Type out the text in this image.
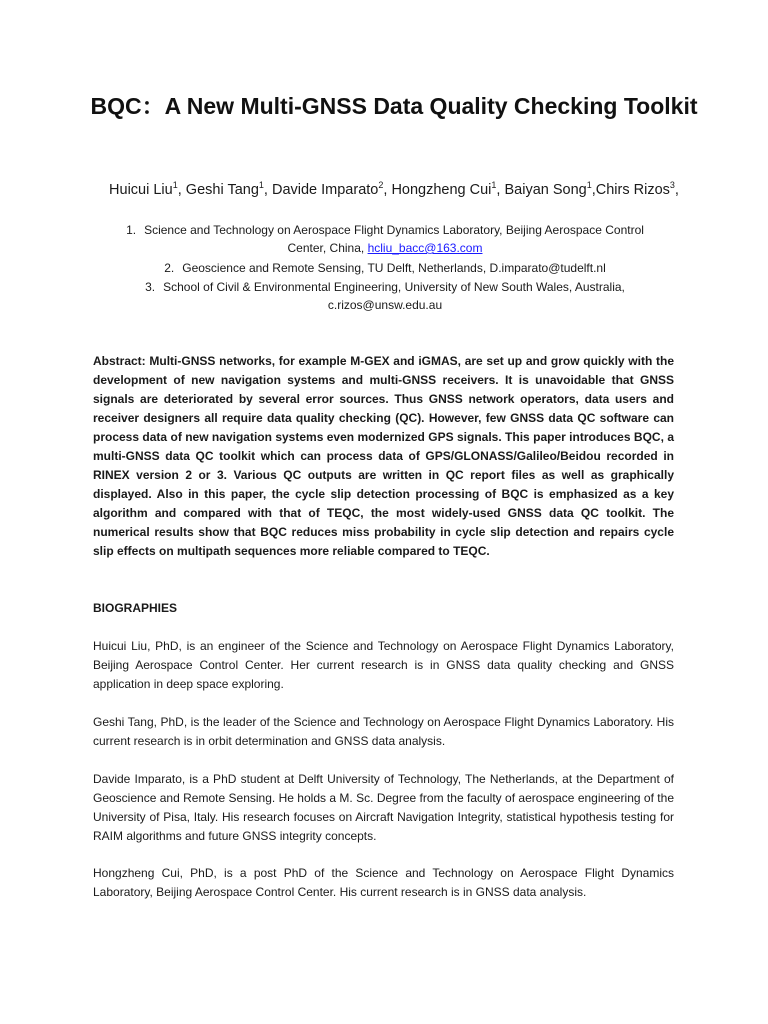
BQC：A New Multi-GNSS Data Quality Checking Toolkit
Huicui Liu$^1$, Geshi Tang$^1$, Davide Imparato$^2$, Hongzheng Cui$^1$, Baiyan Song$^1$,Chirs Rizos$^3$,
1. Science and Technology on Aerospace Flight Dynamics Laboratory, Beijing Aerospace Control
Center, China, hcliu_bacc@163.com
2. Geoscience and Remote Sensing, TU Delft, Netherlands, D.imparato@tudelft.nl
3. School of Civil & Environmental Engineering, University of New South Wales, Australia,
c.rizos@unsw.edu.au
Abstract: Multi-GNSS networks, for example M-GEX and iGMAS, are set up and grow quickly with the development of new navigation systems and multi-GNSS receivers. It is unavoidable that GNSS signals are deteriorated by several error sources. Thus GNSS network operators, data users and receiver designers all require data quality checking (QC). However, few GNSS data QC software can process data of new navigation systems even modernized GPS signals. This paper introduces BQC, a multi-GNSS data QC toolkit which can process data of GPS/GLONASS/Galileo/Beidou recorded in RINEX version 2 or 3. Various QC outputs are written in QC report files as well as graphically displayed. Also in this paper, the cycle slip detection processing of BQC is emphasized as a key algorithm and compared with that of TEQC, the most widely-used GNSS data QC toolkit. The numerical results show that BQC reduces miss probability in cycle slip detection and repairs cycle slip effects on multipath sequences more reliable compared to TEQC.
BIOGRAPHIES
Huicui Liu, PhD, is an engineer of the Science and Technology on Aerospace Flight Dynamics Laboratory, Beijing Aerospace Control Center. Her current research is in GNSS data quality checking and GNSS application in deep space exploring.
Geshi Tang, PhD, is the leader of the Science and Technology on Aerospace Flight Dynamics Laboratory. His current research is in orbit determination and GNSS data analysis.
Davide Imparato, is a PhD student at Delft University of Technology, The Netherlands, at the Department of Geoscience and Remote Sensing. He holds a M. Sc. Degree from the faculty of aerospace engineering of the University of Pisa, Italy. His research focuses on Aircraft Navigation Integrity, statistical hypothesis testing for RAIM algorithms and future GNSS integrity concepts.
Hongzheng Cui, PhD, is a post PhD of the Science and Technology on Aerospace Flight Dynamics Laboratory, Beijing Aerospace Control Center. His current research is in GNSS data analysis.
